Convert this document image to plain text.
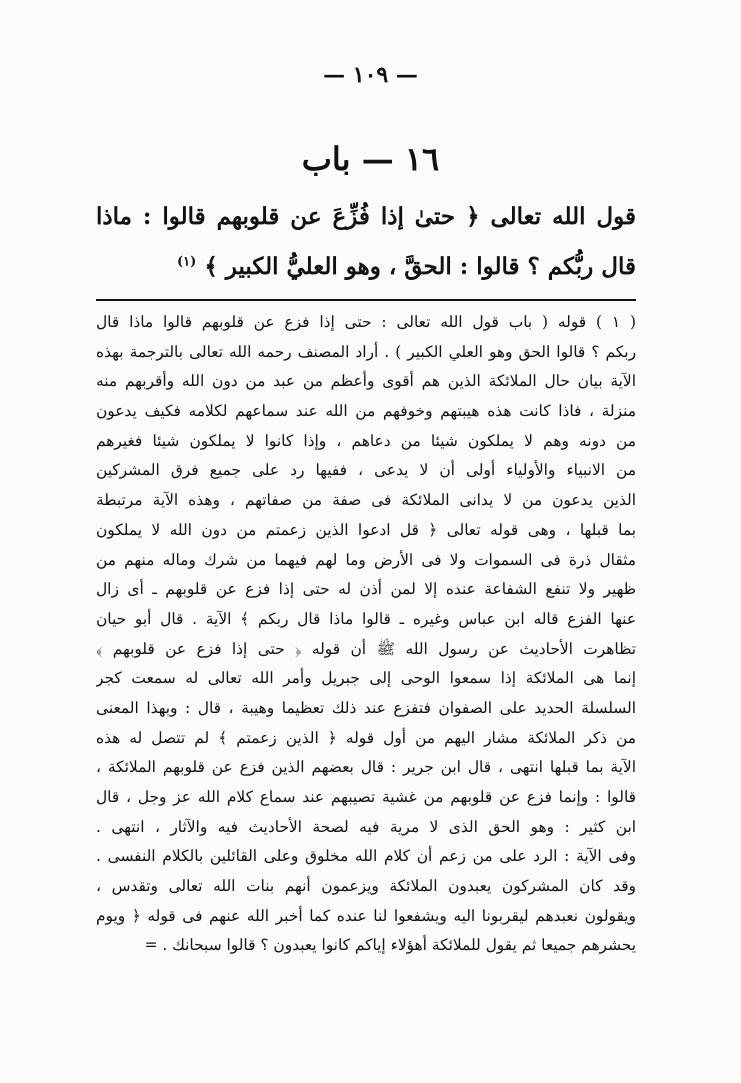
— ١٠٩ —
١٦ — باب
قول الله تعالى ﴿ حتىٰ إذا فُزِّعَ عن قلوبهم قالوا : ماذا قال ربُّكم ؟ قالوا : الحقَّ ، وهو العليُّ الكبير ﴾ $^{(١)}$
( ١ ) قوله ( باب قول الله تعالى : حتى إذا فزع عن قلوبهم قالوا ماذا قال
ربكم ؟ قالوا الحق وهو العلي الكبير ) . أراد المصنف رحمه الله تعالى بالترجمة بهذه
الآية بيان حال الملائكة الذين هم أقوى وأعظم من عبد من دون الله وأقربهم منه
منزلة ، فاذا كانت هذه هيبتهم وخوفهم من الله عند سماعهم لكلامه فكيف يدعون
من دونه وهم لا يملكون شيئا من دعاهم ، وإذا كانوا لا يملكون شيئا فغيرهم
من الانبياء والأولياء أولى أن لا يدعى ، ففيها رد على جميع فرق المشركين
الذين يدعون من لا يدانى الملائكة فى صفة من صفاتهم ، وهذه الآية مرتبطة
بما قبلها ، وهى قوله تعالى ﴿ قل ادعوا الذين زعمتم من دون الله لا يملكون
مثقال ذرة فى السموات ولا فى الأرض وما لهم فيهما من شرك وماله منهم من
ظهير ولا تنفع الشفاعة عنده إلا لمن أذن له حتى إذا فزع عن قلوبهم ـ أى زال
عنها الفزع قاله ابن عباس وغيره ـ قالوا ماذا قال ربكم ﴾ الآية . قال أبو حيان
تظاهرت الأحاديث عن رسول الله ﷺ أن قوله ﴿ حتى إذا فزع عن قلوبهم ﴾
إنما هى الملائكة إذا سمعوا الوحى إلى جبريل وأمر الله تعالى له سمعت كجر
السلسلة الحديد على الصفوان فتفزع عند ذلك تعظيما وهيبة ، قال : وبهذا المعنى
من ذكر الملائكة مشار اليهم من أول قوله ﴿ الذين زعمتم ﴾ لم تتصل له هذه
الآية بما قبلها انتهى ، قال ابن جرير : قال بعضهم الذين فزع عن قلوبهم الملائكة ،
قالوا : وإنما فزع عن قلوبهم من غشية تصيبهم عند سماع كلام الله عز وجل ، قال
ابن كثير : وهو الحق الذى لا مرية فيه لصحة الأحاديث فيه والآثار ، انتهى .
وفى الآية : الرد على من زعم أن كلام الله مخلوق وعلى القائلين بالكلام النفسى .
وقد كان المشركون يعبدون الملائكة ويزعمون أنهم بنات الله تعالى وتقدس ،
ويقولون نعبدهم ليقربونا اليه ويشفعوا لنا عنده كما أخبر الله عنهم فى قوله ﴿ ويوم
يحشرهم جميعا ثم يقول للملائكة أهؤلاء إياكم كانوا يعبدون ؟ قالوا سبحانك . =
